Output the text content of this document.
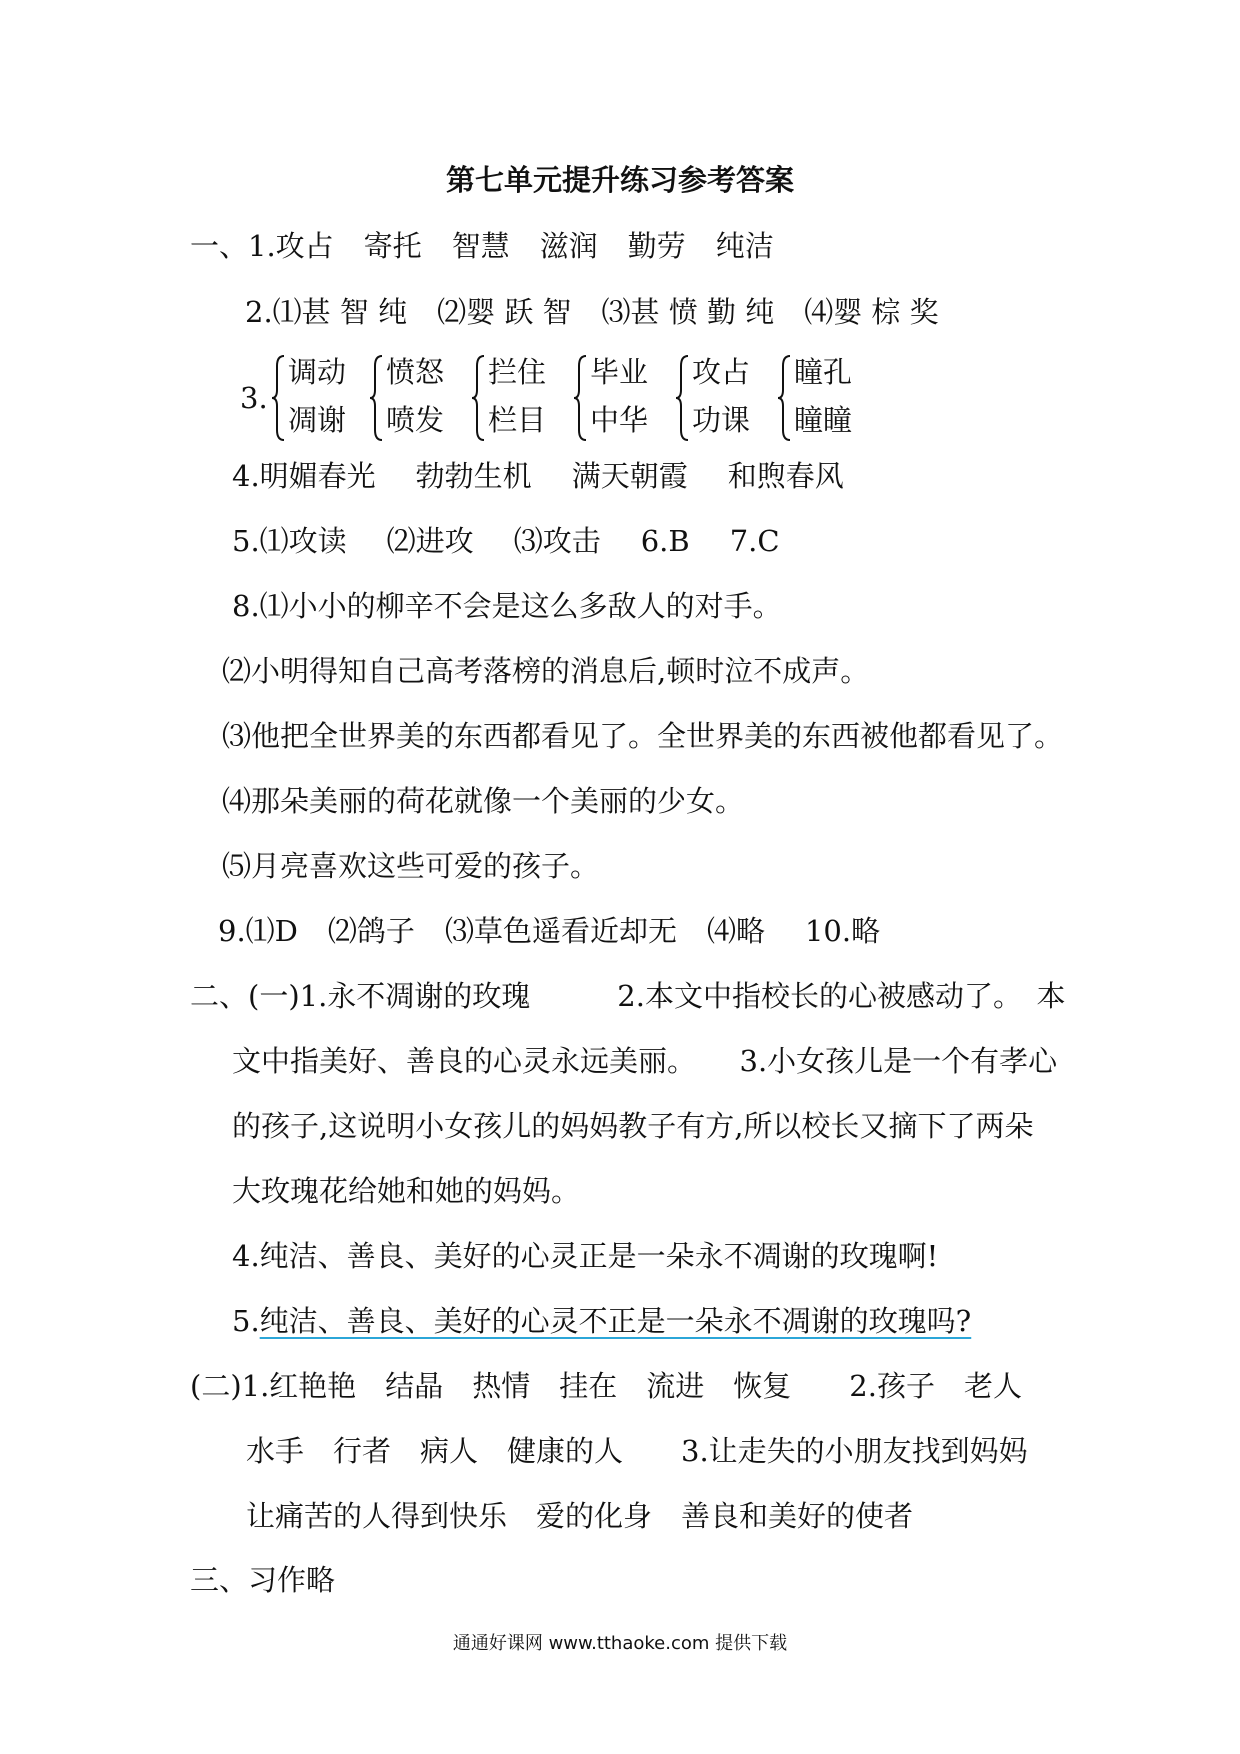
第七单元提升练习参考答案
一、1.攻占 寄托 智慧 滋润 勤劳 纯洁
2.⑴甚 智 纯 ⑵婴 跃 智 ⑶甚 愤 勤 纯 ⑷婴 棕 奖
3.
调动
凋谢
愤怒
喷发
拦住
栏目
毕业
中华
攻占
功课
瞳孔
瞳瞳
4.明媚春光 勃勃生机 满天朝霞 和煦春风
5.⑴攻读 ⑵进攻 ⑶攻击 6.B 7.C
8.⑴小小的柳辛不会是这么多敌人的对手。
⑵小明得知自己高考落榜的消息后,顿时泣不成声。
⑶他把全世界美的东西都看见了。全世界美的东西被他都看见了。
⑷那朵美丽的荷花就像一个美丽的少女。
⑸月亮喜欢这些可爱的孩子。
9.⑴D ⑵鸽子 ⑶草色遥看近却无 ⑷略 10.略
二、(一)1.永不凋谢的玫瑰　　　2.本文中指校长的心被感动了。　本
文中指美好、善良的心灵永远美丽。　　3.小女孩儿是一个有孝心
的孩子,这说明小女孩儿的妈妈教子有方,所以校长又摘下了两朵
大玫瑰花给她和她的妈妈。
4.纯洁、善良、美好的心灵正是一朵永不凋谢的玫瑰啊!
5.纯洁、善良、美好的心灵不正是一朵永不凋谢的玫瑰吗?
(二)1.红艳艳　结晶　热情　挂在　流进　恢复　　2.孩子　老人
水手　行者　病人　健康的人　　3.让走失的小朋友找到妈妈
让痛苦的人得到快乐　爱的化身　善良和美好的使者
三、习作略
通通好课网 www.tthaoke.com 提供下载
